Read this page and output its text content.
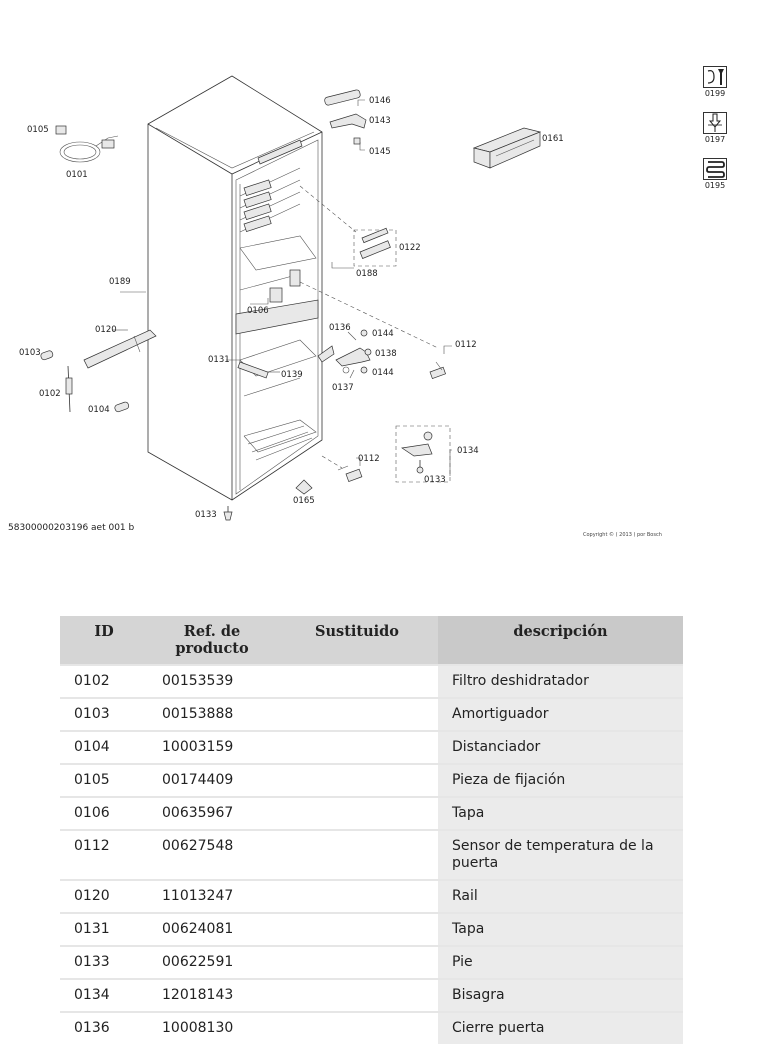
0146
0143
0145
0161
0105
0101
0122
0188
0189
0106
0120
0103
0102
0104
0136
0144
0138
0144
0137
0112
0131
0139
0134
0133
0112
0165
0133
0199
0197
0195
58300000203196 aet 001 b
Copyright © ( 2013 ) por Bosch
ID	Ref. de producto	Sustituido	descripción
0102	00153539		Filtro deshidratador
0103	00153888		Amortiguador
0104	10003159		Distanciador
0105	00174409		Pieza de fijación
0106	00635967		Tapa
0112	00627548		Sensor de temperatura de la puerta
0120	11013247		Rail
0131	00624081		Tapa
0133	00622591		Pie
0134	12018143		Bisagra
0136	10008130		Cierre puerta
